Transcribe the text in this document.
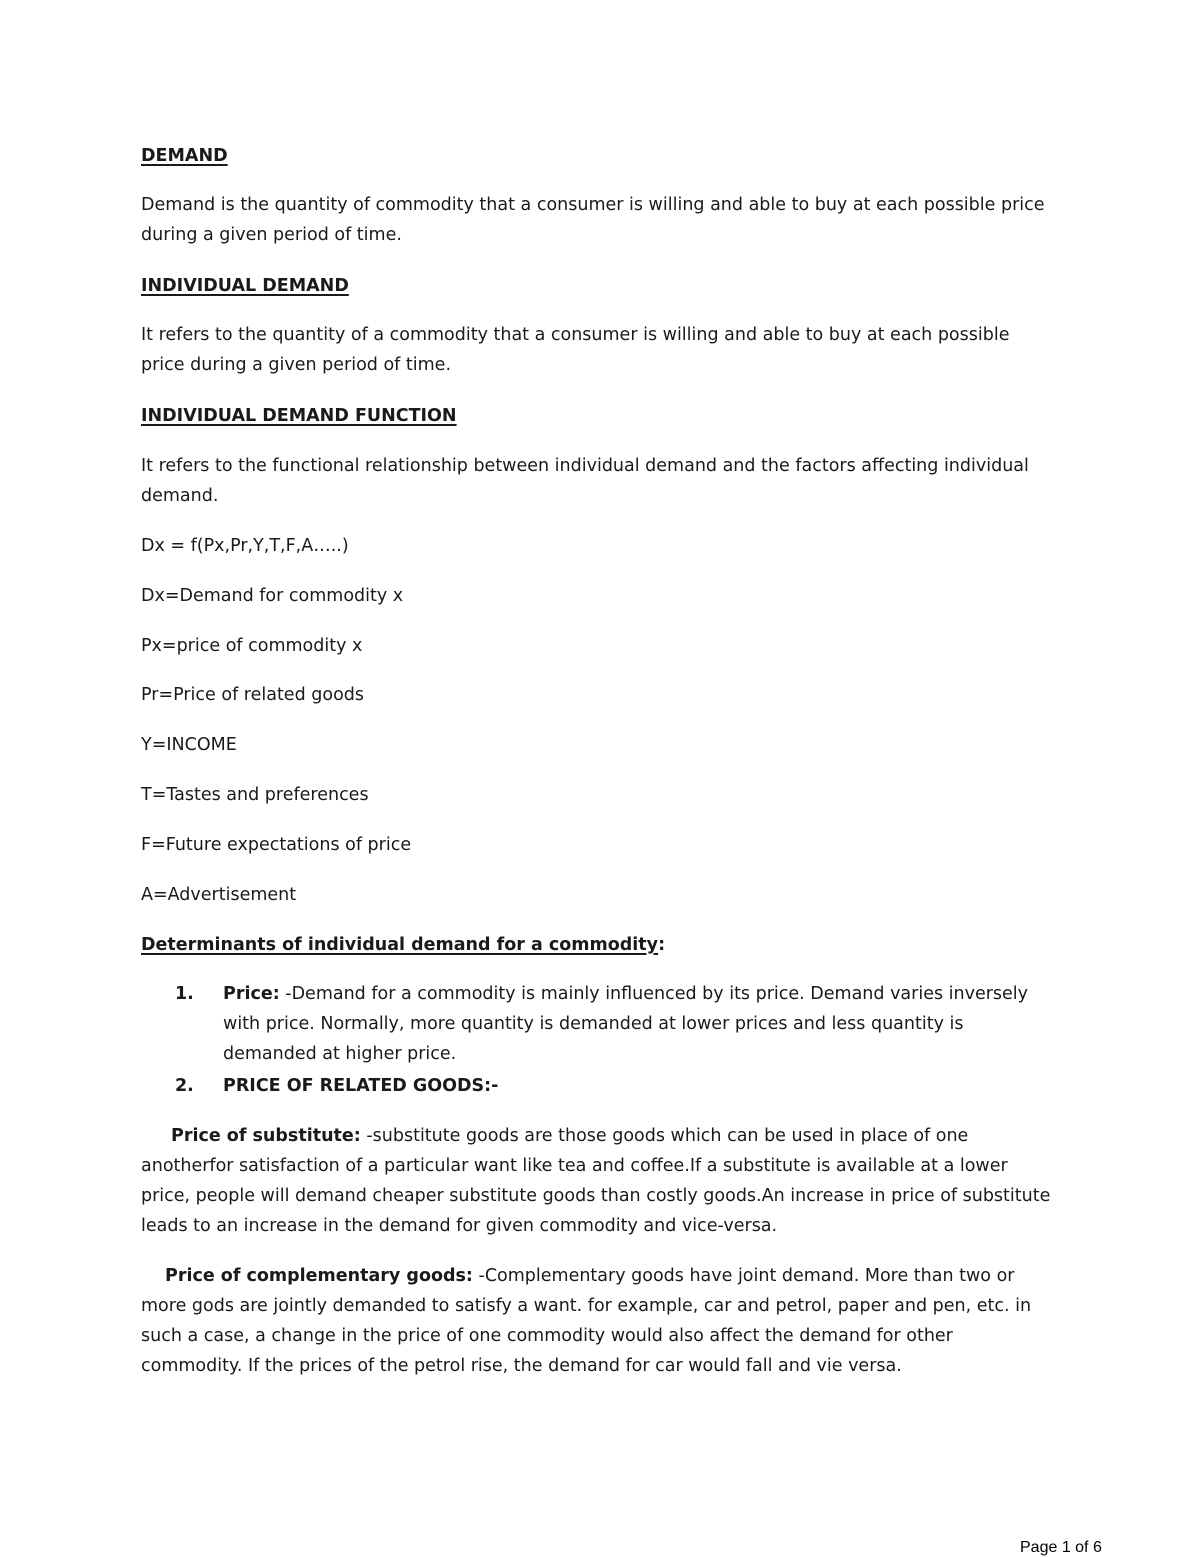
DEMAND
Demand is the quantity of commodity that a consumer is willing and able to buy at each possible price during a given period of time.
INDIVIDUAL DEMAND
It refers to the quantity of a commodity that a consumer is willing and able to buy at each possible price during a given period of time.
INDIVIDUAL DEMAND FUNCTION
It refers to the functional relationship between individual demand and the factors affecting individual demand.
Dx = f(Px,Pr,Y,T,F,A…..)
Dx=Demand for commodity x
Px=price of commodity x
Pr=Price of related goods
Y=INCOME
T=Tastes and preferences
F=Future expectations of price
A=Advertisement
Determinants of individual demand for a commodity:
1. Price: -Demand for a commodity is mainly influenced by its price. Demand varies inversely with price. Normally, more quantity is demanded at lower prices and less quantity is demanded at higher price.
2. PRICE OF RELATED GOODS:-
Price of substitute: -substitute goods are those goods which can be used in place of one anotherfor satisfaction of a particular want like tea and coffee.If a substitute is available at a lower price, people will demand cheaper substitute goods than costly goods.An increase in price of substitute leads to an increase in the demand for given commodity and vice-versa.
Price of complementary goods: -Complementary goods have joint demand. More than two or more gods are jointly demanded to satisfy a want. for example, car and petrol, paper and pen, etc. in such a case, a change in the price of one commodity would also affect the demand for other commodity. If the prices of the petrol rise, the demand for car would fall and vie versa.
Page 1 of 6
